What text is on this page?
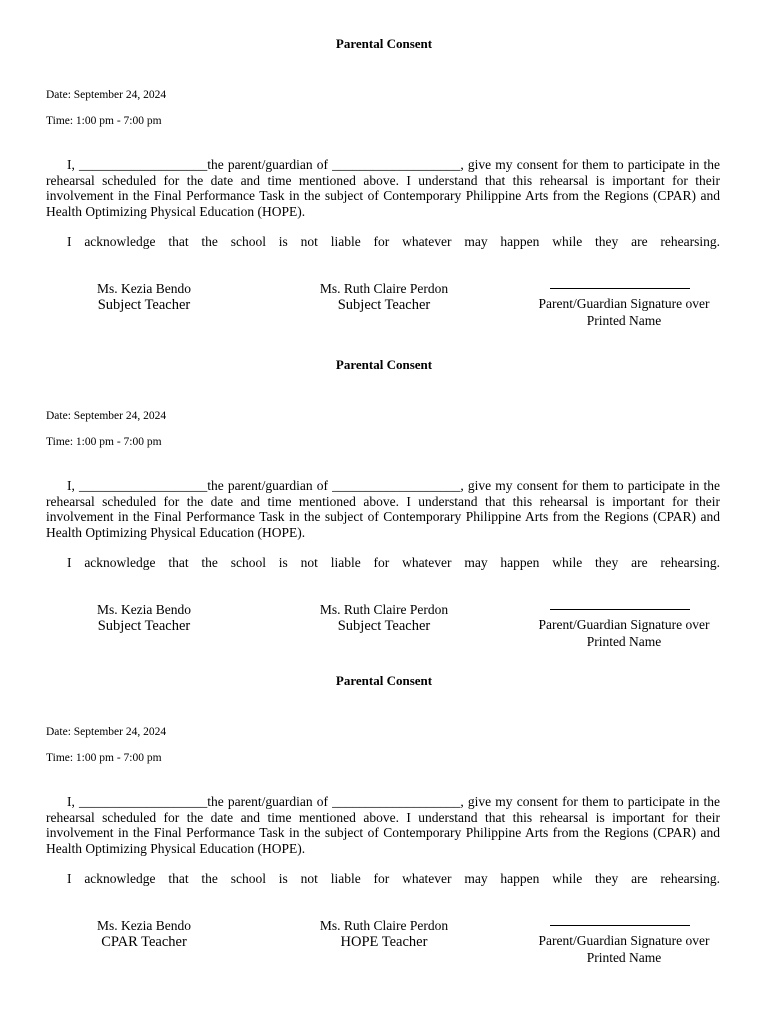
Parental Consent
Date: September 24, 2024
Time: 1:00 pm - 7:00 pm

I, ___________________the parent/guardian of ___________________, give my consent for them to participate in the rehearsal scheduled for the date and time mentioned above. I understand that this rehearsal is important for their involvement in the Final Performance Task in the subject of Contemporary Philippine Arts from the Regions (CPAR) and Health Optimizing Physical Education (HOPE).

I acknowledge that the school is not liable for whatever may happen while they are rehearsing.

Ms. Kezia Bendo
Subject Teacher
Ms. Ruth Claire Perdon
Subject Teacher	Parent/Guardian Signature over
Printed Name
Parental Consent
Date: September 24, 2024
Time: 1:00 pm - 7:00 pm

I, ___________________the parent/guardian of ___________________, give my consent for them to participate in the rehearsal scheduled for the date and time mentioned above. I understand that this rehearsal is important for their involvement in the Final Performance Task in the subject of Contemporary Philippine Arts from the Regions (CPAR) and Health Optimizing Physical Education (HOPE).

I acknowledge that the school is not liable for whatever may happen while they are rehearsing.

Ms. Kezia Bendo
Subject Teacher
Ms. Ruth Claire Perdon
Subject Teacher	Parent/Guardian Signature over
Printed Name
Parental Consent
Date: September 24, 2024
Time: 1:00 pm - 7:00 pm

I, ___________________the parent/guardian of ___________________, give my consent for them to participate in the rehearsal scheduled for the date and time mentioned above. I understand that this rehearsal is important for their involvement in the Final Performance Task in the subject of Contemporary Philippine Arts from the Regions (CPAR) and Health Optimizing Physical Education (HOPE).

I acknowledge that the school is not liable for whatever may happen while they are rehearsing.

Ms. Kezia Bendo
CPAR Teacher
Ms. Ruth Claire Perdon
HOPE Teacher	Parent/Guardian Signature over
Printed Name
